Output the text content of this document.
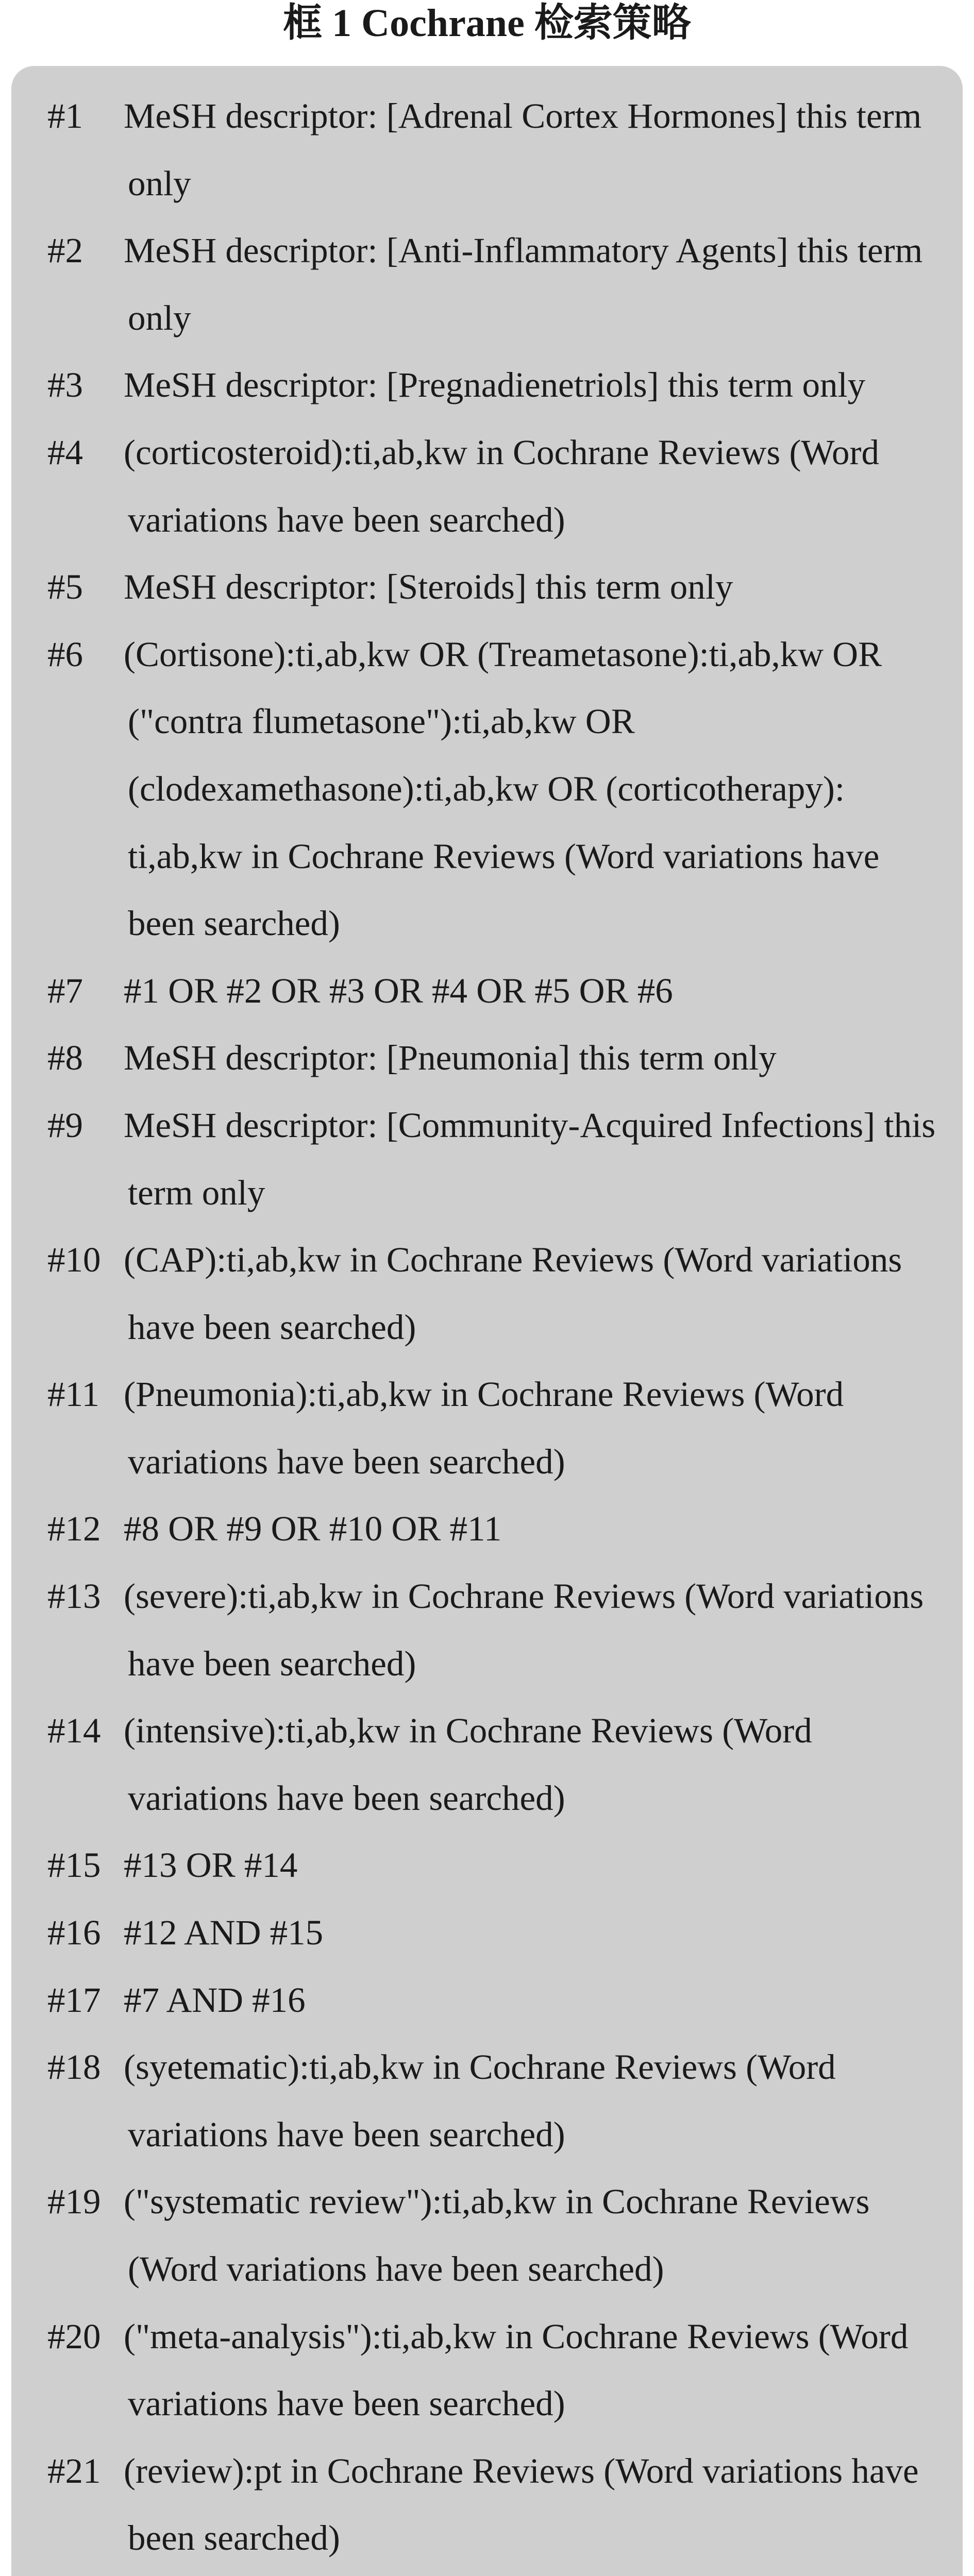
框 1 Cochrane 检索策略
#1 MeSH descriptor: [Adrenal Cortex Hormones] this term only
#2 MeSH descriptor: [Anti-Inflammatory Agents] this term only
#3 MeSH descriptor: [Pregnadienetriols] this term only
#4 (corticosteroid):ti,ab,kw in Cochrane Reviews (Word variations have been searched)
#5 MeSH descriptor: [Steroids] this term only
#6 (Cortisone):ti,ab,kw OR (Treametasone):ti,ab,kw OR ("contra flumetasone"):ti,ab,kw OR (clodexamethasone):ti,ab,kw OR (corticotherapy): ti,ab,kw in Cochrane Reviews (Word variations have been searched)
#7 #1 OR #2 OR #3 OR #4 OR #5 OR #6
#8 MeSH descriptor: [Pneumonia] this term only
#9 MeSH descriptor: [Community-Acquired Infections] this term only
#10 (CAP):ti,ab,kw in Cochrane Reviews (Word variations have been searched)
#11 (Pneumonia):ti,ab,kw in Cochrane Reviews (Word variations have been searched)
#12 #8 OR #9 OR #10 OR #11
#13 (severe):ti,ab,kw in Cochrane Reviews (Word variations have been searched)
#14 (intensive):ti,ab,kw in Cochrane Reviews (Word variations have been searched)
#15 #13 OR #14
#16 #12 AND #15
#17 #7 AND #16
#18 (syetematic):ti,ab,kw in Cochrane Reviews (Word variations have been searched)
#19 ("systematic review"):ti,ab,kw in Cochrane Reviews (Word variations have been searched)
#20 ("meta-analysis"):ti,ab,kw in Cochrane Reviews (Word variations have been searched)
#21 (review):pt in Cochrane Reviews (Word variations have been searched)
